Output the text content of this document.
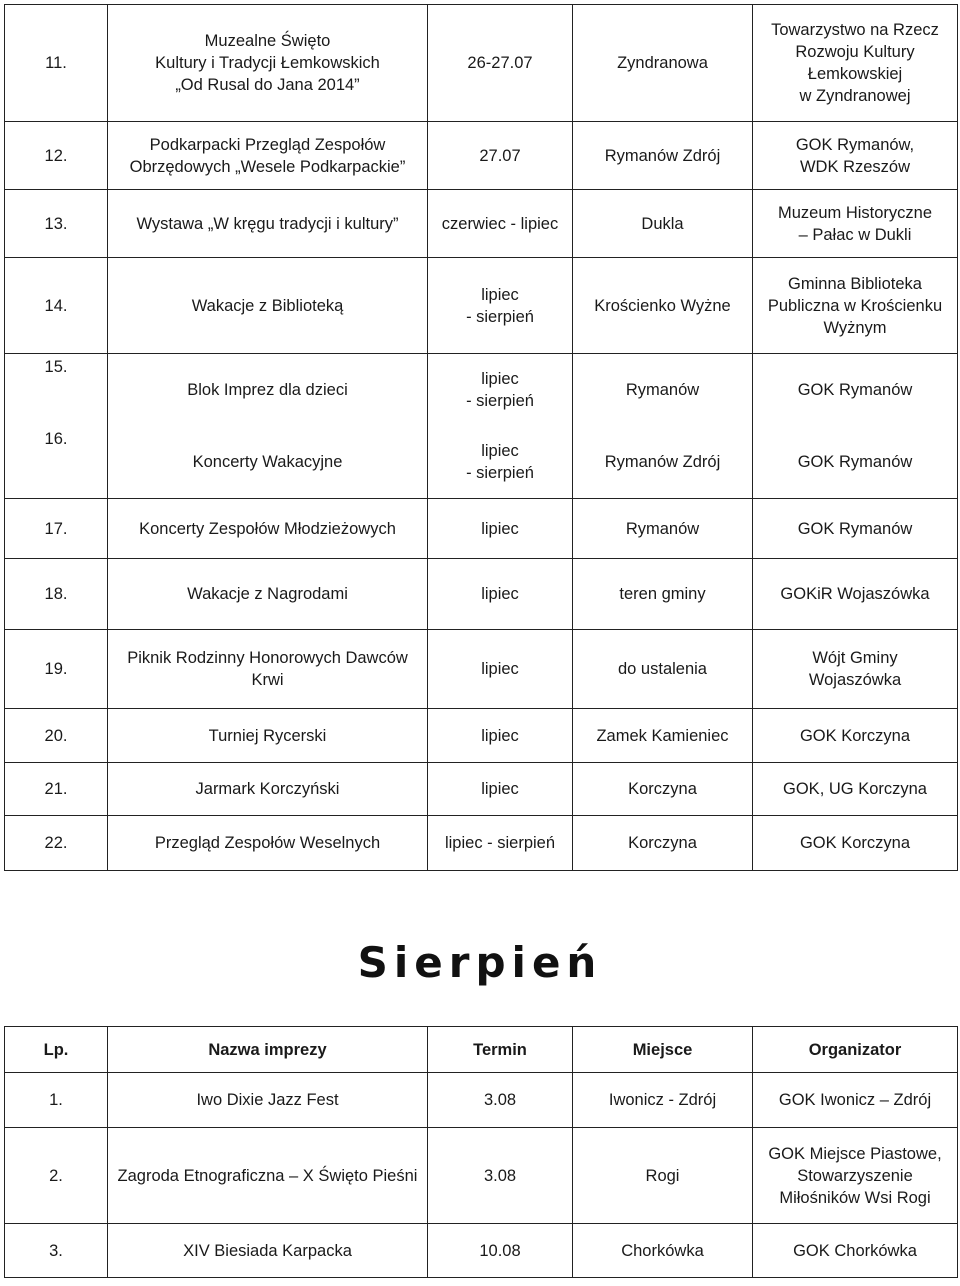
11.	Muzealne Święto
Kultury i Tradycji Łemkowskich
„Od Rusal do Jana 2014”	26-27.07	Zyndranowa	Towarzystwo na Rzecz
Rozwoju Kultury
Łemkowskiej
w Zyndranowej
12.	Podkarpacki Przegląd Zespołów
Obrzędowych „Wesele Podkarpackie”	27.07	Rymanów Zdrój	GOK Rymanów,
WDK Rzeszów
13.	Wystawa „W kręgu tradycji i kultury”	czerwiec - lipiec	Dukla	Muzeum Historyczne
– Pałac w Dukli
14.	Wakacje z Biblioteką	lipiec
- sierpień	Krościenko Wyżne	Gminna Biblioteka
Publiczna w Krościenku
Wyżnym
15.	Blok Imprez dla dzieci	lipiec
- sierpień	Rymanów	GOK Rymanów
16.	Koncerty Wakacyjne	lipiec
- sierpień	Rymanów Zdrój	GOK Rymanów
17.	Koncerty Zespołów Młodzieżowych	lipiec	Rymanów	GOK Rymanów
18.	Wakacje z Nagrodami	lipiec	teren gminy	GOKiR Wojaszówka
19.	Piknik Rodzinny Honorowych Dawców Krwi	lipiec	do ustalenia	Wójt Gminy
Wojaszówka
20.	Turniej Rycerski	lipiec	Zamek Kamieniec	GOK Korczyna
21.	Jarmark Korczyński	lipiec	Korczyna	GOK, UG Korczyna
22.	Przegląd Zespołów Weselnych	lipiec - sierpień	Korczyna	GOK Korczyna
Sierpień
Lp.	Nazwa imprezy	Termin	Miejsce	Organizator
1.	Iwo Dixie Jazz Fest	3.08	Iwonicz - Zdrój	GOK Iwonicz – Zdrój
2.	Zagroda Etnograficzna – X Święto Pieśni	3.08	Rogi	GOK Miejsce Piastowe,
Stowarzyszenie
Miłośników Wsi Rogi
3.	XIV Biesiada Karpacka	10.08	Chorkówka	GOK Chorkówka
